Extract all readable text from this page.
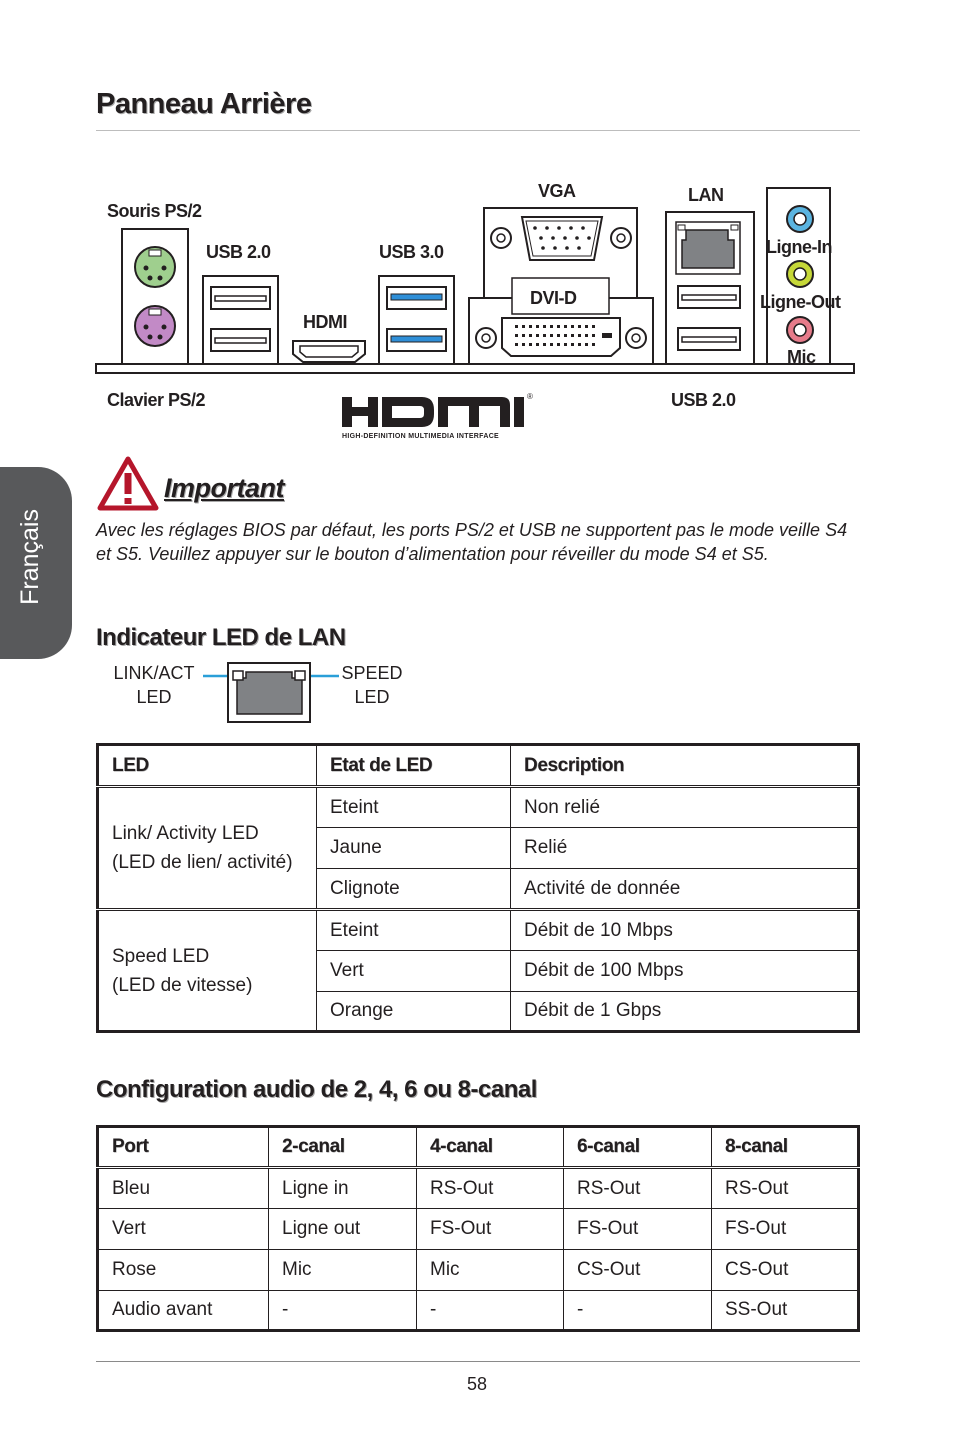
Panneau Arrière
Français
Souris PS/2
USB 2.0	USB 3.0
HDMI
VGA
DVI-D
LAN
Ligne-In
Ligne-Out
Mic
Clavier PS/2	USB 2.0
®
HIGH-DEFINITION MULTIMEDIA INTERFACE
Important
Avec les réglages BIOS par défaut, les ports PS/2 et USB ne supportent pas le mode veille S4 et S5. Veuillez appuyer sur le bouton d’alimentation pour réveiller du mode S4 et S5.
Indicateur LED de LAN
LINK/ACT
LED
SPEED
LED
LED	Etat de LED	Description

Link/ Activity LED
(LED de lien/ activité)	Eteint	Non relié
	Jaune	Relié
	Clignote	Activité de donnée

Speed LED
(LED de vitesse)	Eteint	Débit de 10 Mbps
	Vert	Débit de 100 Mbps
	Orange	Débit de 1 Gbps
Configuration audio de 2, 4, 6 ou 8-canal
Port	2-canal	4-canal	6-canal	8-canal
Bleu	Ligne in	RS-Out	RS-Out	RS-Out
Vert	Ligne out	FS-Out	FS-Out	FS-Out
Rose	Mic	Mic	CS-Out	CS-Out
Audio avant	-	-	-	SS-Out
58
